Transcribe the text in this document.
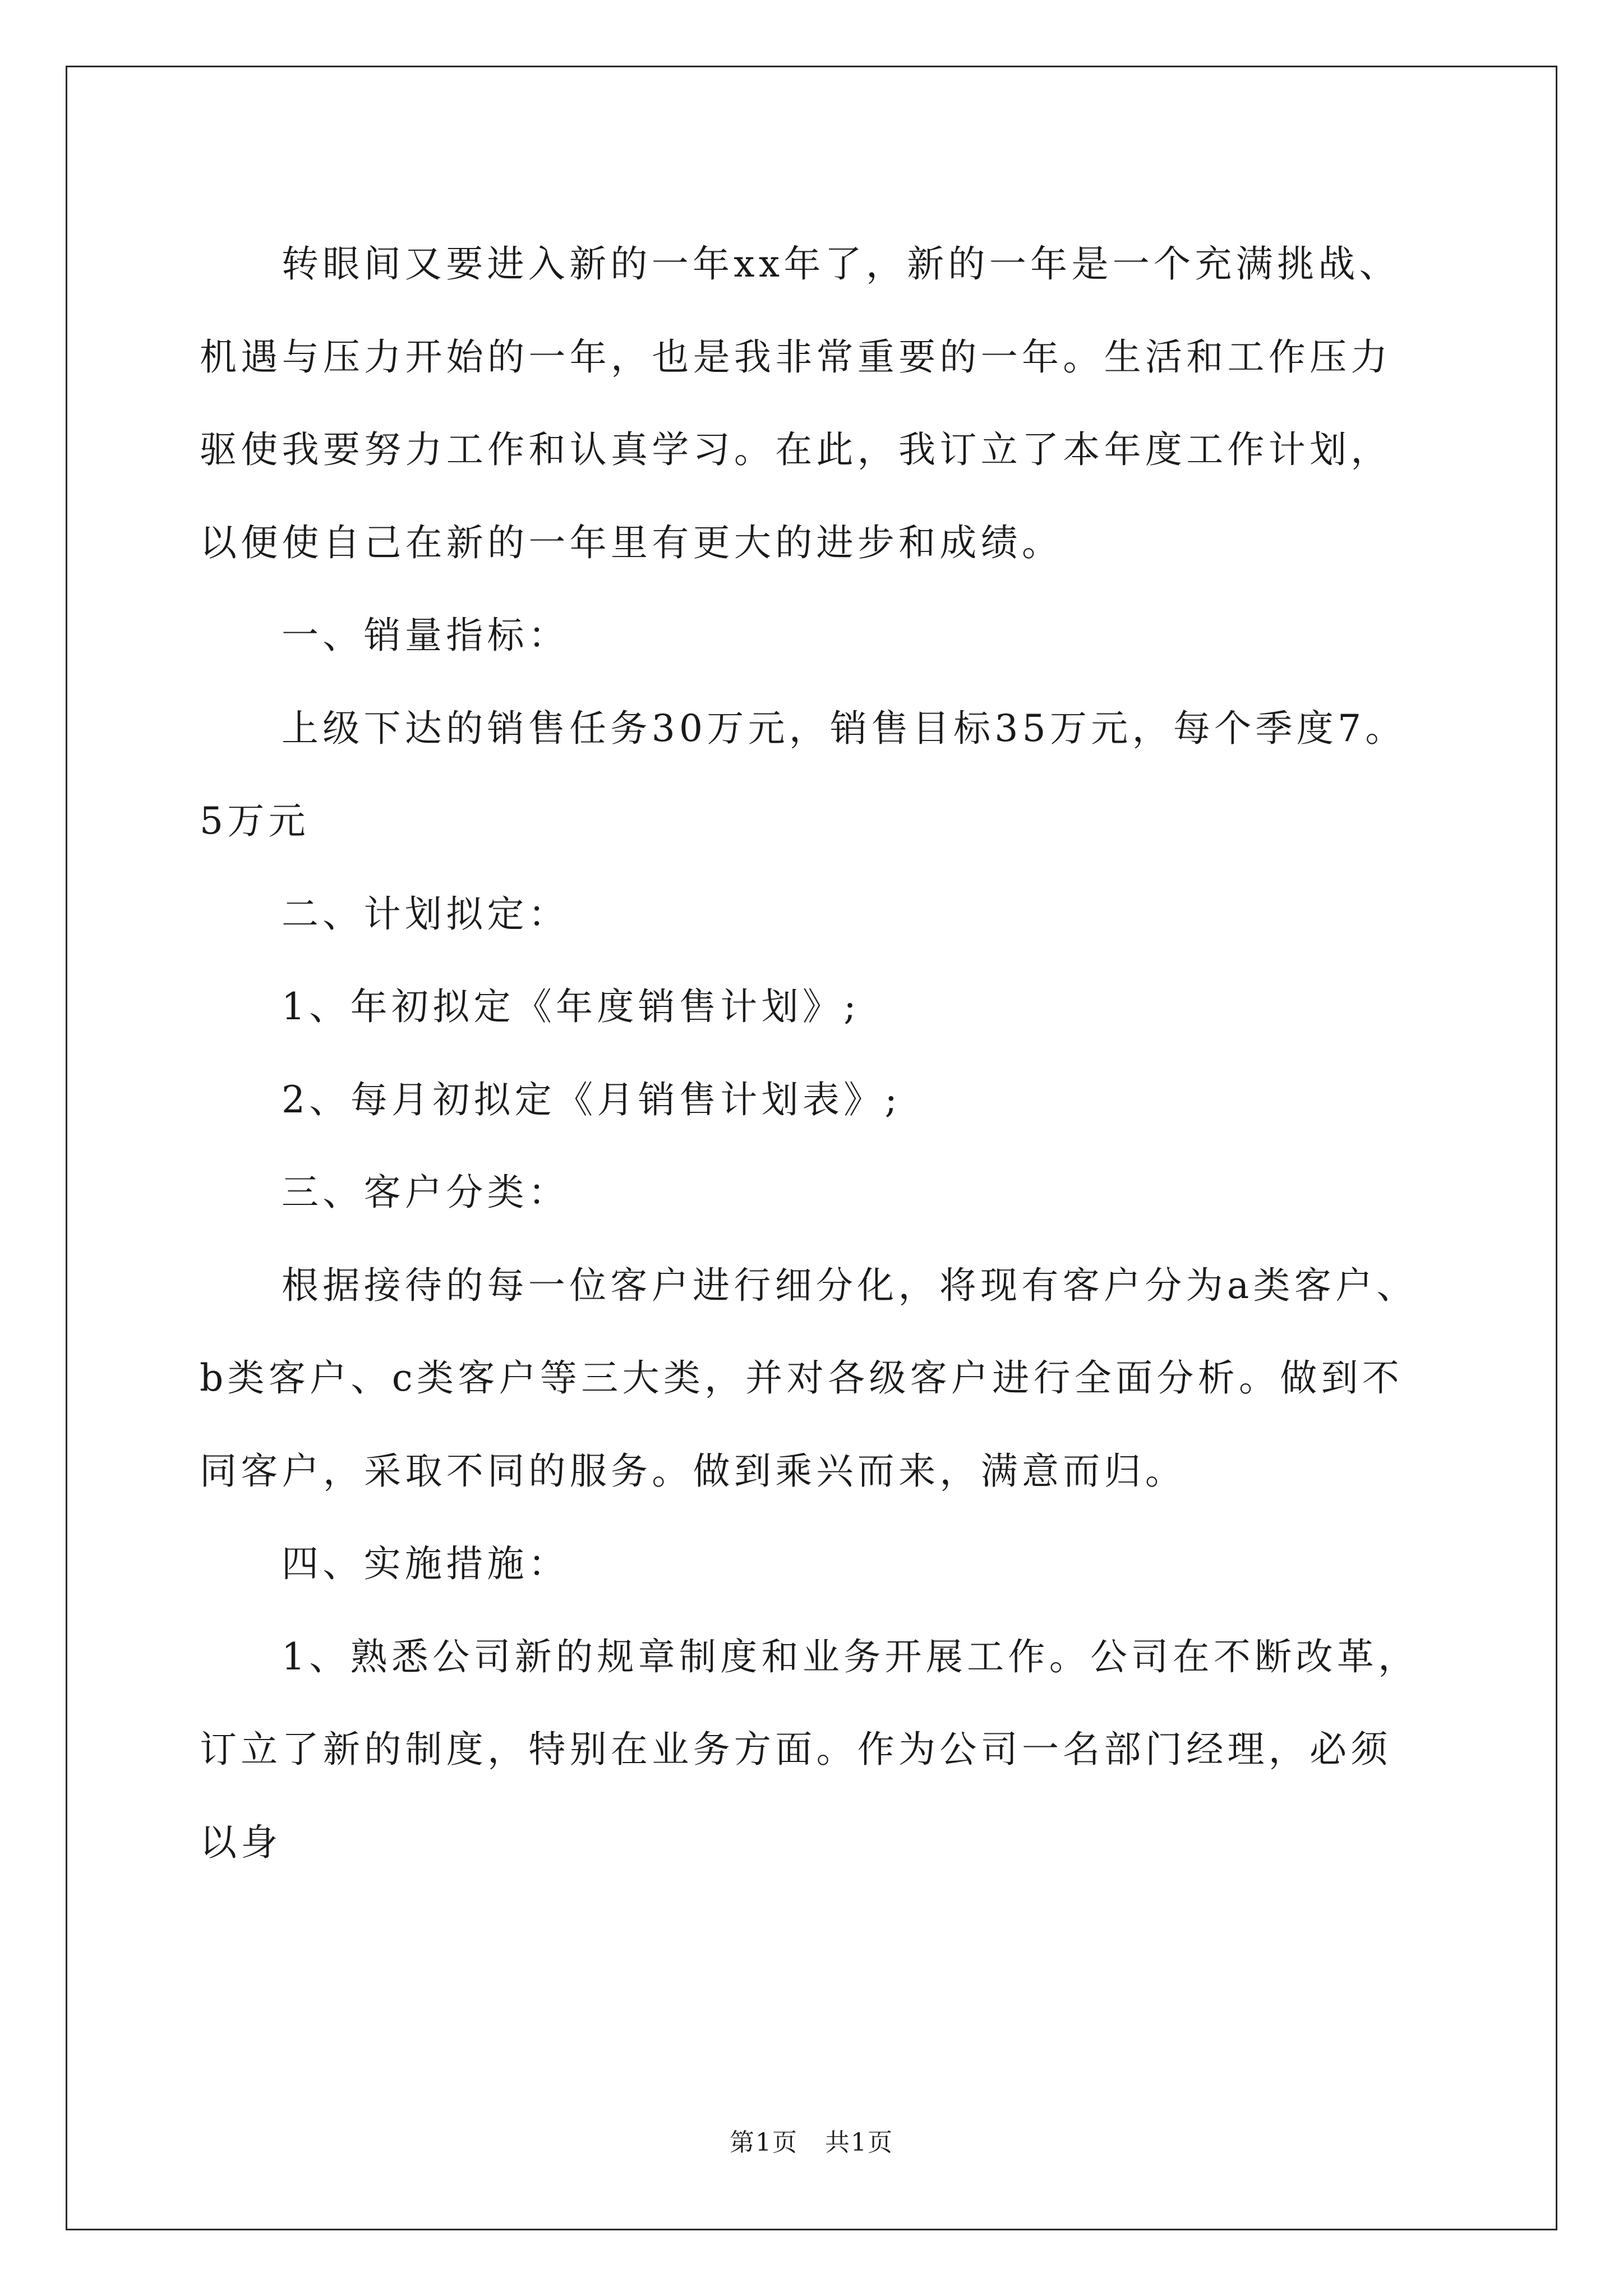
转眼间又要进入新的一年xx年了，新的一年是一个充满挑战、机遇与压力开始的一年，也是我非常重要的一年。生活和工作压力驱使我要努力工作和认真学习。在此，我订立了本年度工作计划，以便使自己在新的一年里有更大的进步和成绩。

一、销量指标：

上级下达的销售任务30万元，销售目标35万元，每个季度7。5万元

二、计划拟定：

1、年初拟定《年度销售计划》;

2、每月初拟定《月销售计划表》;

三、客户分类：

根据接待的每一位客户进行细分化，将现有客户分为a类客户、b类客户、c类客户等三大类，并对各级客户进行全面分析。做到不同客户，采取不同的服务。做到乘兴而来，满意而归。

四、实施措施：

1、熟悉公司新的规章制度和业务开展工作。公司在不断改革，订立了新的制度，特别在业务方面。作为公司一名部门经理，必须以身

第1页 共1页
